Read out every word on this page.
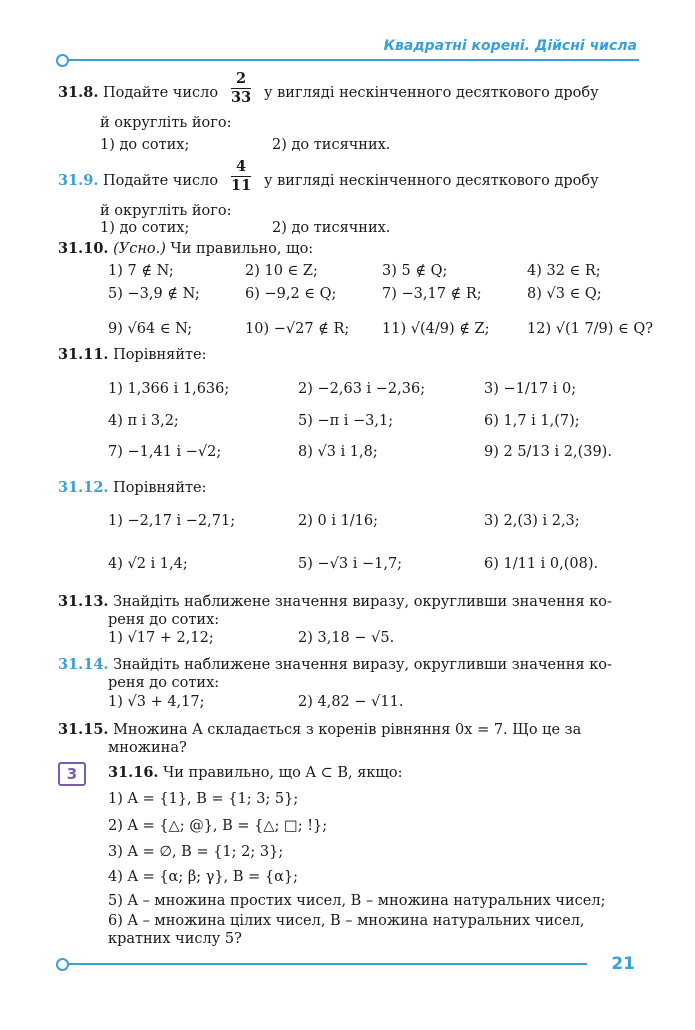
Квадратні корені. Дійсні числа
31.8. Подайте число $\frac{2}{33}$ у вигляді нескінченного десяткового дробу
й округліть його:
1) до сотих;	2) до тисячних.
31.9. Подайте число $\frac{4}{11}$ у вигляді нескінченного десяткового дробу
й округліть його:
1) до сотих;	2) до тисячних.
31.10. (Усно.) Чи правильно, що:
1) 7 ∉ N;	2) 10 ∈ Z;	3) 5 ∉ Q;	4) 32 ∈ R;
5) −3,9 ∉ N;	6) −9,2 ∈ Q;	7) −3,17 ∉ R;	8) √3 ∈ Q;
9) √64 ∈ N;	10) −√27 ∉ R; 11) √(4/9) ∉ Z;	12) √(1 7/9) ∈ Q?
31.11. Порівняйте:
1) 1,366 і 1,636;	2) −2,63 і −2,36;	3) −1/17 і 0;
4) π і 3,2;	5) −π і −3,1;	6) 1,7 і 1,(7);
7) −1,41 і −√2;	8) √3 і 1,8;	9) 2 5/13 і 2,(39).
31.12. Порівняйте:
1) −2,17 і −2,71;	2) 0 і 1/16;	3) 2,(3) і 2,3;
4) √2 і 1,4;	5) −√3 і −1,7;	6) 1/11 і 0,(08).
31.13. Знайдіть наближене значення виразу, округливши значення ко-
реня до сотих:
1) √17 + 2,12;	2) 3,18 − √5.
31.14. Знайдіть наближене значення виразу, округливши значення ко-
реня до сотих:
1) √3 + 4,17;	2) 4,82 − √11.
31.15. Множина A складається з коренів рівняння 0x = 7. Що це за
множина?
3	31.16. Чи правильно, що A ⊂ B, якщо:
1) A = {1}, B = {1; 3; 5};
2) A = {△; @}, B = {△; □; !};
3) A = ∅, B = {1; 2; 3};
4) A = {α; β; γ}, B = {α};
5) A – множина простих чисел, B – множина натуральних чисел;
6) A – множина цілих чисел, B – множина натуральних чисел,
кратних числу 5?
21
